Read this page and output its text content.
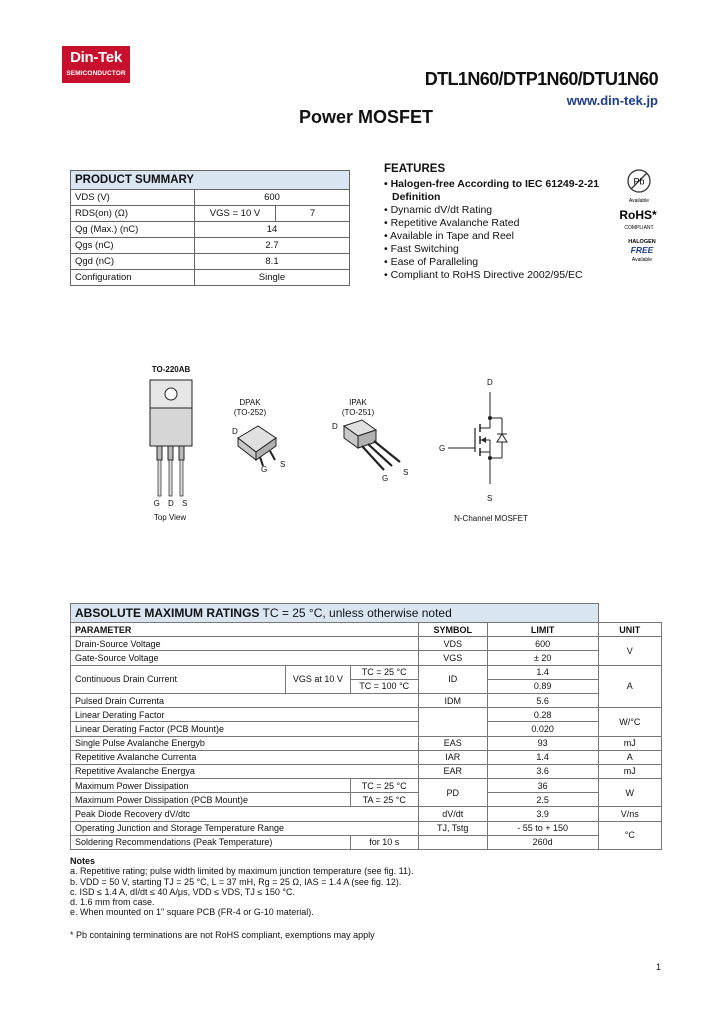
Din-Tek
SEMICONDUCTOR	DTL1N60/DTP1N60/DTU1N60
www.din-tek.jp
Power MOSFET
PRODUCT SUMMARY		
VDS (V)	600	
RDS(on) (Ω)	VGS = 10 V	7
Qg (Max.) (nC)	14	
Qgs (nC)	2.7	
Qgd (nC)	8.1	
Configuration	Single	
FEATURES
• Halogen-free According to IEC 61249-2-21
Definition
• Dynamic dV/dt Rating
• Repetitive Avalanche Rated
• Available in Tape and Reel
• Fast Switching
• Ease of Paralleling
• Compliant to RoHS Directive 2002/95/EC
Pb
Available
RoHS*
COMPLIANT
HALOGEN
FREE
Available
TO-220AB
G D S
Top View
DPAK
(TO-252)
D
G
S
IPAK
(TO-251)
D
G
S
D
G
S
N-Channel MOSFET
ABSOLUTE MAXIMUM RATINGS TC = 25 °C, unless otherwise noted					
PARAMETER			SYMBOL	LIMIT	UNIT
Drain-Source Voltage			VDS	600	V
Gate-Source Voltage			VGS	± 20	
Continuous Drain Current	VGS at 10 V	TC = 25 °C	ID	1.4	A
		TC = 100 °C		0.89	
Pulsed Drain Currenta			IDM	5.6	
Linear Derating Factor				0.28	W/°C
Linear Derating Factor (PCB Mount)e				0.020	
Single Pulse Avalanche Energyb			EAS	93	mJ
Repetitive Avalanche Currenta			IAR	1.4	A
Repetitive Avalanche Energya			EAR	3.6	mJ
Maximum Power Dissipation		TC = 25 °C	PD	36	W
Maximum Power Dissipation (PCB Mount)e		TA = 25 °C		2.5	
Peak Diode Recovery dV/dtc			dV/dt	3.9	V/ns
Operating Junction and Storage Temperature Range			TJ, Tstg	- 55 to + 150	°C
Soldering Recommendations (Peak Temperature)		for 10 s		260d	
Notes
a. Repetitive rating; pulse width limited by maximum junction temperature (see fig. 11).
b. VDD = 50 V, starting TJ = 25 °C, L = 37 mH, Rg = 25 Ω, IAS = 1.4 A (see fig. 12).
c. ISD ≤ 1.4 A, dI/dt ≤ 40 A/μs, VDD ≤ VDS, TJ ≤ 150 °C.
d. 1.6 mm from case.
e. When mounted on 1" square PCB (FR-4 or G-10 material).
* Pb containing terminations are not RoHS compliant, exemptions may apply
1
